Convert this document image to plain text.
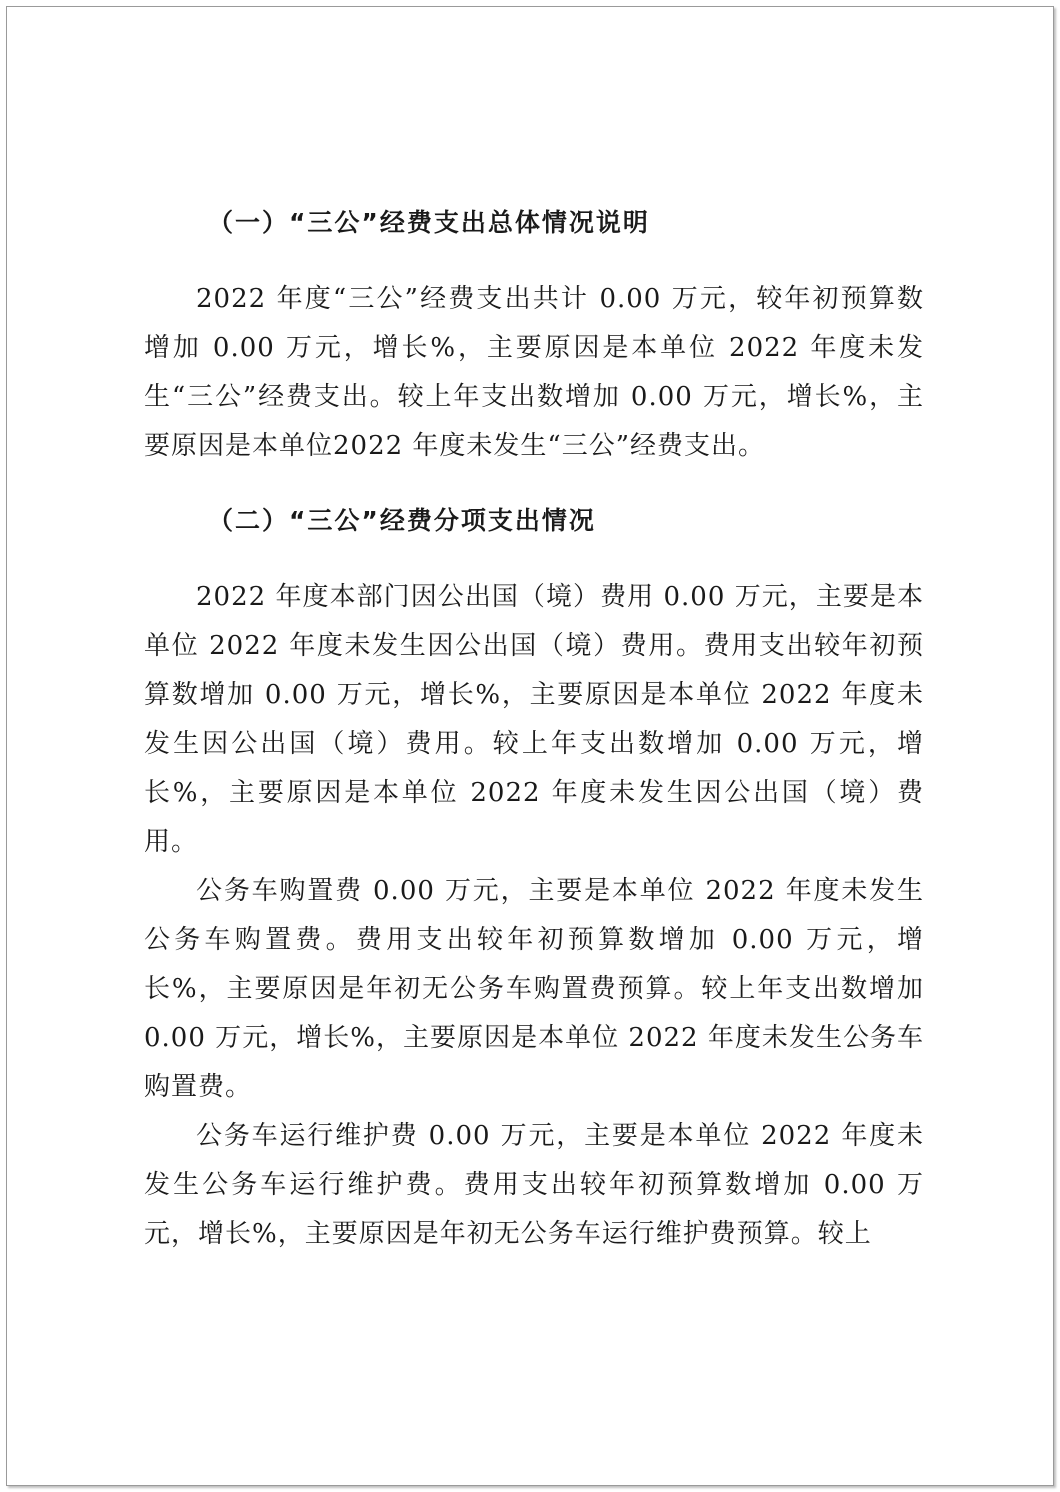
（一）“三公”经费支出总体情况说明

2022 年度“三公”经费支出共计 0.00 万元，较年初预算数增加 0.00 万元，增长%，主要原因是本单位 2022 年度未发生“三公”经费支出。较上年支出数增加 0.00 万元，增长%，主要原因是本单位2022 年度未发生“三公”经费支出。

（二）“三公”经费分项支出情况

2022 年度本部门因公出国（境）费用 0.00 万元，主要是本单位 2022 年度未发生因公出国（境）费用。费用支出较年初预算数增加 0.00 万元，增长%，主要原因是本单位 2022 年度未发生因公出国（境）费用。较上年支出数增加 0.00 万元，增长%，主要原因是本单位 2022 年度未发生因公出国（境）费用。

公务车购置费 0.00 万元，主要是本单位 2022 年度未发生公务车购置费。费用支出较年初预算数增加 0.00 万元，增长%，主要原因是年初无公务车购置费预算。较上年支出数增加 0.00 万元，增长%，主要原因是本单位 2022 年度未发生公务车购置费。

公务车运行维护费 0.00 万元，主要是本单位 2022 年度未发生公务车运行维护费。费用支出较年初预算数增加 0.00 万元，增长%，主要原因是年初无公务车运行维护费预算。较上
